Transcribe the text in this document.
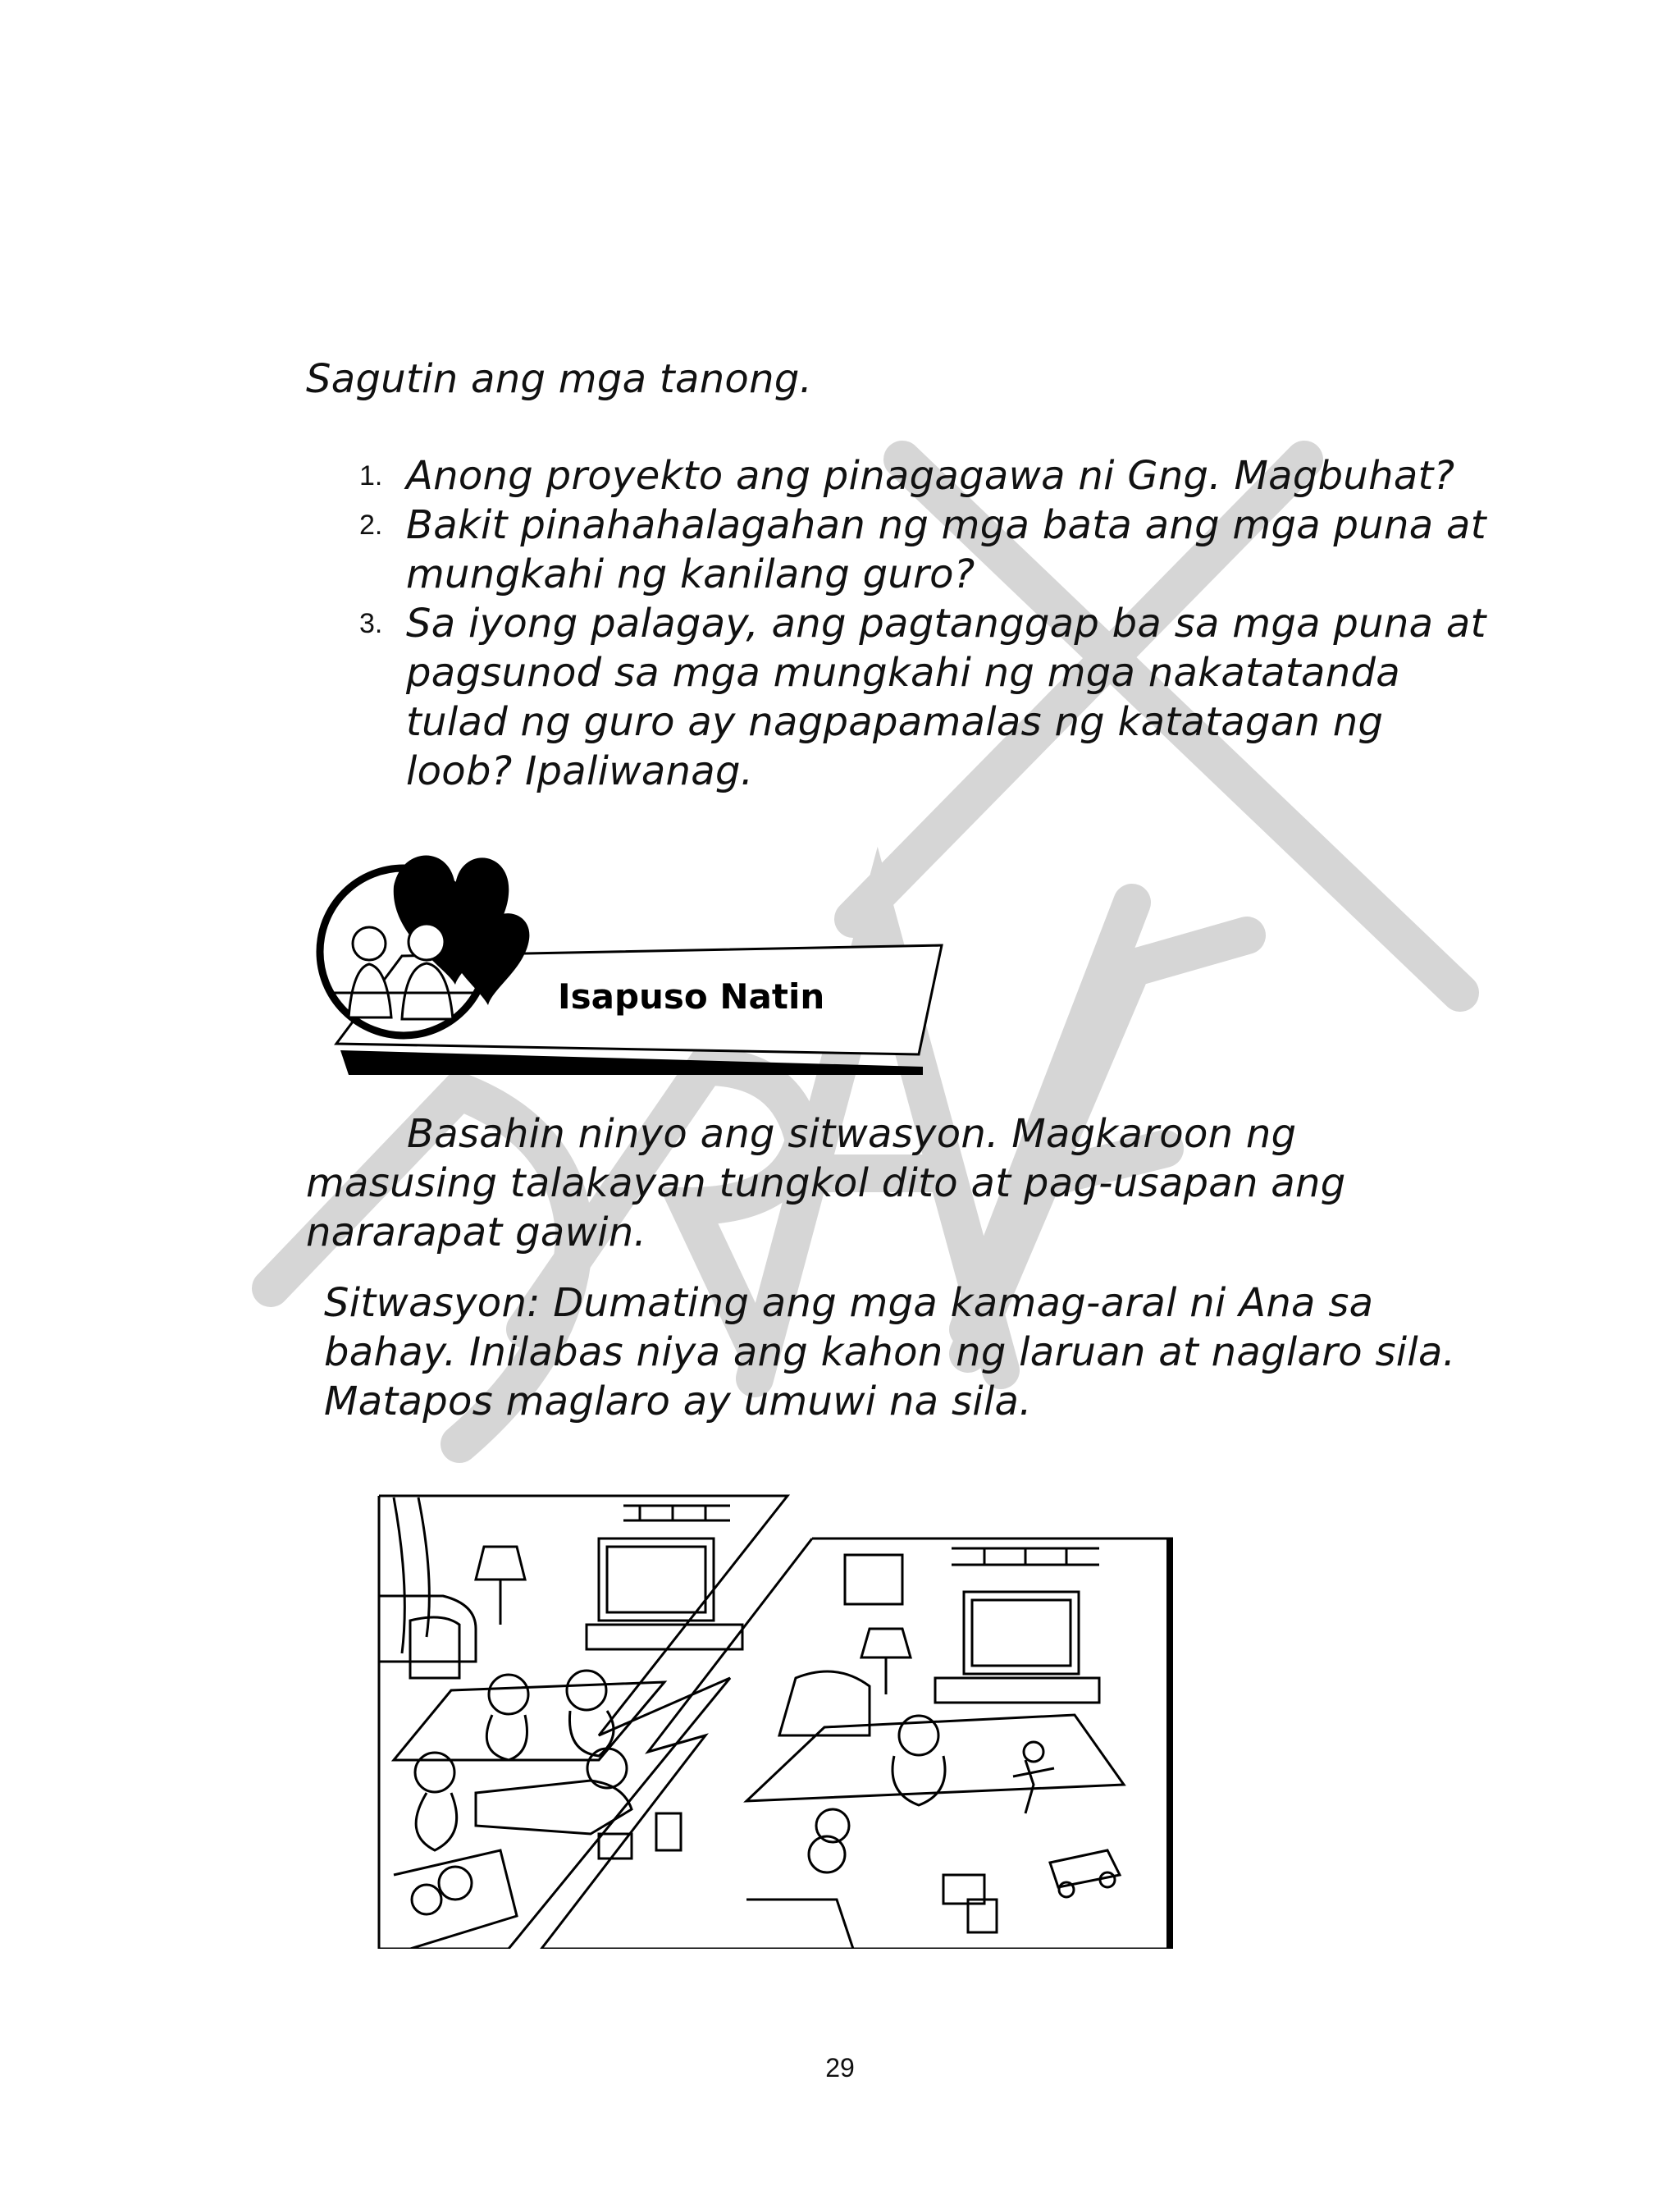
Sagutin ang mga tanong.
1. Anong proyekto ang pinagagawa ni Gng. Magbuhat?
2. Bakit pinahahalagahan ng mga bata ang mga puna at mungkahi ng kanilang guro?
3. Sa iyong palagay, ang pagtanggap ba sa mga puna at pagsunod sa mga mungkahi ng mga nakatatanda tulad ng guro ay nagpapamalas ng katatagan ng loob? Ipaliwanag.
Isapuso Natin
Basahin ninyo ang sitwasyon. Magkaroon ng masusing talakayan tungkol dito at pag-usapan ang nararapat gawin.
Sitwasyon: Dumating ang mga kamag-aral ni Ana sa bahay. Inilabas niya ang kahon ng laruan at naglaro sila. Matapos maglaro ay umuwi na sila.
29
